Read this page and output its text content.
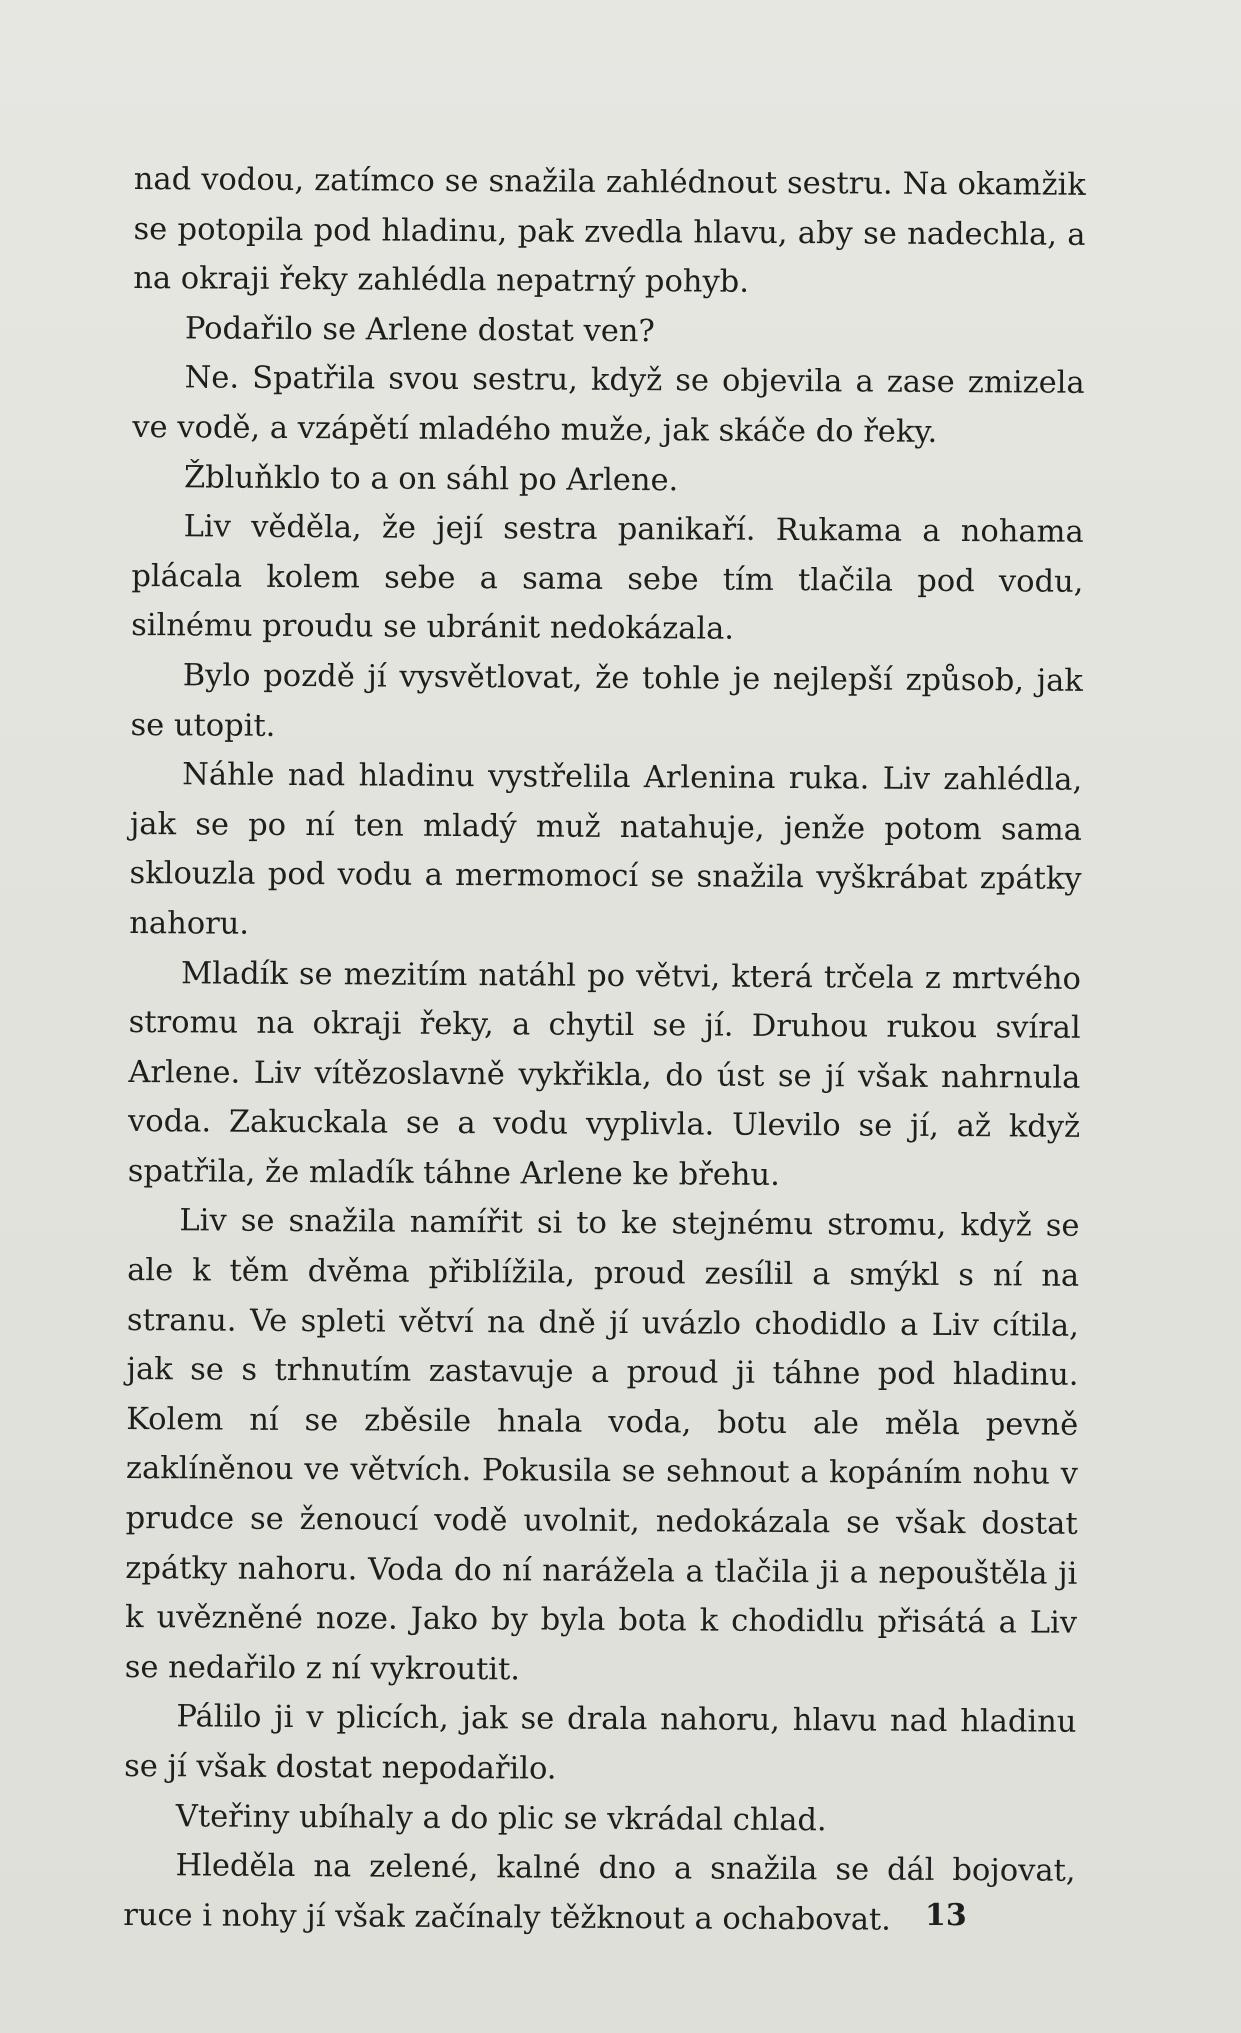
nad vodou, zatímco se snažila zahlédnout sestru. Na okamžik se potopila pod hladinu, pak zvedla hlavu, aby se nadechla, a na okraji řeky zahlédla nepatrný pohyb.

Podařilo se Arlene dostat ven?

Ne. Spatřila svou sestru, když se objevila a zase zmizela ve vodě, a vzápětí mladého muže, jak skáče do řeky.

Žbluňklo to a on sáhl po Arlene.

Liv věděla, že její sestra panikaří. Rukama a nohama plácala kolem sebe a sama sebe tím tlačila pod vodu, silnému proudu se ubránit nedokázala.

Bylo pozdě jí vysvětlovat, že tohle je nejlepší způsob, jak se utopit.

Náhle nad hladinu vystřelila Arlenina ruka. Liv zahlédla, jak se po ní ten mladý muž natahuje, jenže potom sama sklouzla pod vodu a mermomocí se snažila vyškrábat zpátky nahoru.

Mladík se mezitím natáhl po větvi, která trčela z mrtvého stromu na okraji řeky, a chytil se jí. Druhou rukou svíral Arlene. Liv vítězoslavně vykřikla, do úst se jí však nahrnula voda. Zakuckala se a vodu vyplivla. Ulevilo se jí, až když spatřila, že mladík táhne Arlene ke břehu.

Liv se snažila namířit si to ke stejnému stromu, když se ale k těm dvěma přiblížila, proud zesílil a smýkl s ní na stranu. Ve spleti větví na dně jí uvázlo chodidlo a Liv cítila, jak se s trhnutím zastavuje a proud ji táhne pod hladinu. Kolem ní se zběsile hnala voda, botu ale měla pevně zaklíněnou ve větvích. Pokusila se sehnout a kopáním nohu v prudce se ženoucí vodě uvolnit, nedokázala se však dostat zpátky nahoru. Voda do ní narážela a tlačila ji a nepouštěla ji k uvězněné noze. Jako by byla bota k chodidlu přisátá a Liv se nedařilo z ní vykroutit.

Pálilo ji v plicích, jak se drala nahoru, hlavu nad hladinu se jí však dostat nepodařilo.

Vteřiny ubíhaly a do plic se vkrádal chlad.

Hleděla na zelené, kalné dno a snažila se dál bojovat, ruce i nohy jí však začínaly těžknout a ochabovat.	13
